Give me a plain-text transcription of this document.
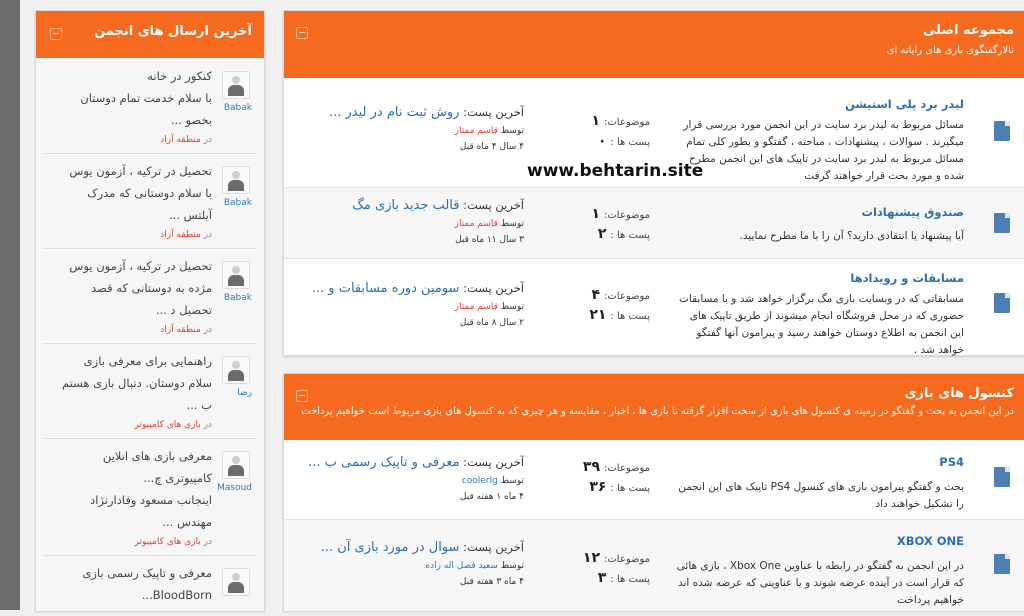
آخرین ارسال های انجمن
Babak
کنکور در خانه
با سلام خدمت تمام دوستان
بخصو ...
در منطقه آزاد
Babak
تحصیل در ترکیه ، آزمون یوس
با سلام دوستانی که مدرک
آیلتس ...
در منطقه آزاد
Babak
تحصیل در ترکیه ، آزمون یوس
مژده به دوستانی که قصد
تحصیل د ...
در منطقه آزاد
رضا
راهنمایی برای معرفی بازی
سلام دوستان. دنبال بازی هستم
ب ...
در بازی های کامپیوتر
Masoud
معرفی بازی های انلاین
کامپیوتری چ...
اینجانب مسعود وفادارنژاد
مهندس ...
در بازی های کامپیوتر
معرفی و تاپیک رسمی بازی
BloodBorn...
مجموعه اصلی
تالارگفتگوی بازی های رایانه ای
لیدر برد پلی استیشن
مسائل مربوط به لیدر برد سایت در این انجمن مورد بررسی قرار میگیرند . سوالات ، پیشنهادات ، مباحثه ، گفتگو و بطور کلی تمام مسائل مربوط به لیدر برد سایت در تاپیک های این انجمن مطرح شده و مورد بحث قرار خواهند گرفت
موضوعات:۱
پست ها :۰
آخرین پست: روش ثبت نام در لیدر ...
توسط قاسم ممتاز
۴ سال ۴ ماه قبل
صندوق پیشنهادات
آیا پیشنهاد یا انتقادی دارید؟ آن را با ما مطرح نمایید.
موضوعات:۱
پست ها :۲
آخرین پست: قالب جدید بازی مگ
توسط قاسم ممتاز
۳ سال ۱۱ ماه قبل
مسابقات و رویدادها
مسابقاتی که در وبسایت بازی مگ برگزار خواهد شد و یا مسابقات حضوری که در محل فروشگاه انجام میشوند از طریق تاپیک های این انجمن به اطلاع دوستان خواهند رسید و پیرامون آنها گفتگو خواهد شد .
موضوعات:۴
پست ها :۲۱
آخرین پست: سومین دوره مسابقات و ...
توسط قاسم ممتاز
۲ سال ۸ ماه قبل
کنسول های بازی
در این انجمن به بحث و گفتگو در زمینه ی کنسول های بازی از سخت افزار گرفته تا بازی ها ، اخبار ، مقایسه و هر چیزی که به کنسول های بازی مربوط است خواهیم پرداخت
PS4
بحث و گفتگو پیرامون بازی های کنسول PS4 تاپیک های این انجمن را تشکیل خواهند داد
موضوعات:۳۹
پست ها :۳۶
آخرین پست: معرفی و تاپیک رسمی ب ...
توسط coolerIg
۴ ماه ۱ هفته قبل
XBOX ONE
در این انجمن به گفتگو در رابطه با عناوین Xbox One ، بازی هائی که قرار است در آینده عرضه شوند و یا عناوینی که عرضه شده اند خواهیم پرداخت
موضوعات:۱۲
پست ها :۳
آخرین پست: سوال در مورد بازی آن ...
توسط سعید فضل اله زاده
۴ ماه ۳ هفته قبل
www.behtarin.site
